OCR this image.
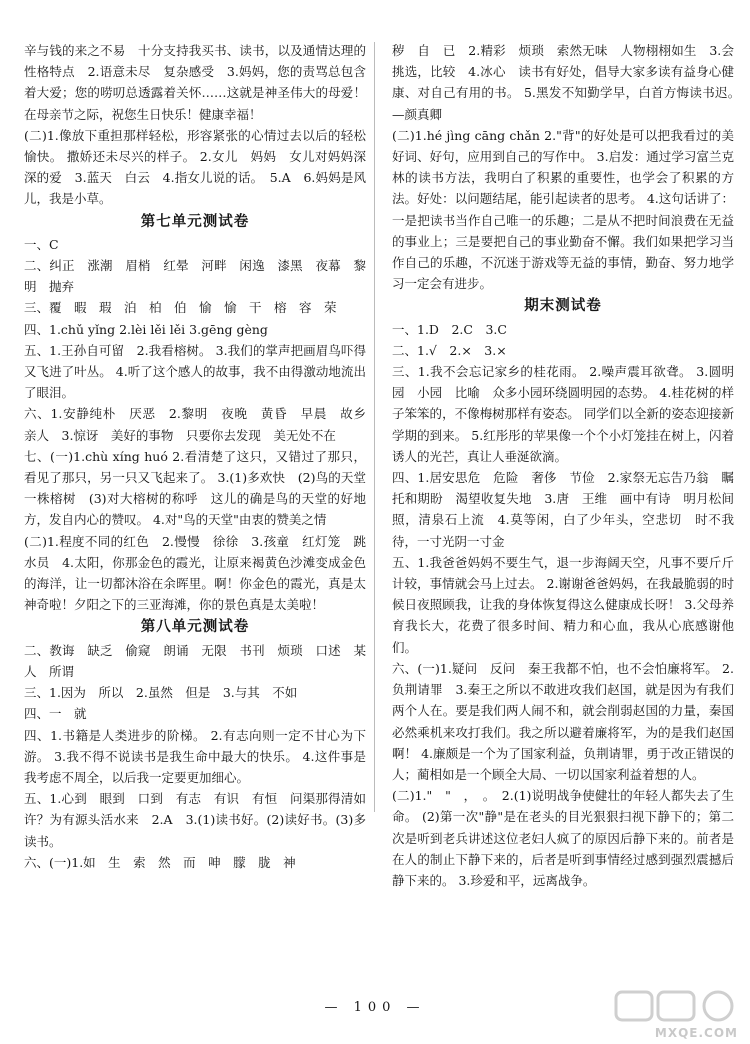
辛与钱的来之不易　十分支持我买书、读书，以及通情达理的性格特点　2.语意未尽　复杂感受　3.妈妈，您的责骂总包含着大爱；您的唠叨总透露着关怀……这就是神圣伟大的母爱！在母亲节之际，祝您生日快乐！健康幸福！

(二)1.像放下重担那样轻松，形容紧张的心情过去以后的轻松愉快。 撒娇还未尽兴的样子。 2.女儿　妈妈　女儿对妈妈深深的爱　3.蓝天　白云　4.指女儿说的话。　5.A　6.妈妈是风儿，我是小草。

第七单元测试卷

一、C

二、纠正　涨潮　眉梢　红晕　河畔　闲逸　漆黑　夜幕　黎明　抛弃

三、覆　暇　瑕　泊　柏　伯　愉　愉　干　榕　容　荣

四、1.chǔ yǐng 2.lèi lěi lěi 3.gēng gèng

五、1.王孙自可留　2.我看榕树。 3.我们的掌声把画眉鸟吓得又飞进了叶丛。 4.听了这个感人的故事，我不由得激动地流出了眼泪。

六、1.安静纯朴　厌恶　2.黎明　夜晚　黄昏　早晨　故乡　亲人　3.惊讶　美好的事物　只要你去发现　美无处不在

七、(一)1.chù xíng huó 2.看清楚了这只，又错过了那只，看见了那只，另一只又飞起来了。 3.(1)多欢快　(2)鸟的天堂　一株榕树　(3)对大榕树的称呼　这儿的确是鸟的天堂的好地方，发自内心的赞叹。 4.对"鸟的天堂"由衷的赞美之情

(二)1.程度不同的红色　2.慢慢　徐徐　3.孩童　红灯笼　跳水员　4.太阳，你那金色的霞光，让原来褐黄色沙滩变成金色的海洋，让一切都沐浴在余晖里。啊！你金色的霞光，真是太神奇啦！夕阳之下的三亚海滩，你的景色真是太美啦！

第八单元测试卷

二、教诲　缺乏　偷窥　朗诵　无限　书刊　烦琐　口述　某人　所谓

三、1.因为　所以　2.虽然　但是　3.与其　不如

四、一　就

四、1.书籍是人类进步的阶梯。 2.有志向则一定不甘心为下游。 3.我不得不说读书是我生命中最大的快乐。 4.这件事是我考虑不周全，以后我一定要更加细心。

五、1.心到　眼到　口到　有志　有识　有恒　问渠那得清如许？为有源头活水来　2.A　3.(1)读书好。(2)读好书。(3)多读书。

六、(一)1.如　生　索　然　而　呻　朦　胧　神

秽　自　已　2.精彩　烦琐　索然无味　人物栩栩如生　3.会挑选，比较　4.冰心　读书有好处，倡导大家多读有益身心健康、对自己有用的书。 5.黑发不知勤学早，白首方悔读书迟。　—颜真卿

(二)1.hé jìng cāng chǎn 2."背"的好处是可以把我看过的美好词、好句，应用到自己的写作中。 3.启发：通过学习富兰克林的读书方法，我明白了积累的重要性，也学会了积累的方法。好处：以问题结尾，能引起读者的思考。 4.这句话讲了：一是把读书当作自己唯一的乐趣；二是从不把时间浪费在无益的事业上；三是要把自己的事业勤奋不懈。我们如果把学习当作自己的乐趣，不沉迷于游戏等无益的事情，勤奋、努力地学习一定会有进步。

期末测试卷

一、1.D　2.C　3.C

二、1.√　2.×　3.×

三、1.我不会忘记家乡的桂花雨。 2.噪声震耳欲聋。 3.圆明园　小园　比喻　众多小园环绕圆明园的态势。 4.桂花树的样子笨笨的，不像梅树那样有姿态。 同学们以全新的姿态迎接新学期的到来。 5.红彤彤的苹果像一个个小灯笼挂在树上，闪着诱人的光芒，真让人垂涎欲滴。

四、1.居安思危　危险　奢侈　节俭　2.家祭无忘告乃翁　瞩托和期盼　渴望收复失地　3.唐　王维　画中有诗　明月松间照，清泉石上流　4.莫等闲，白了少年头，空悲切　时不我待，一寸光阴一寸金

五、1.我爸爸妈妈不要生气，退一步海阔天空，凡事不要斤斤计较，事情就会马上过去。 2.谢谢爸爸妈妈，在我最脆弱的时候日夜照顾我，让我的身体恢复得这么健康成长呀！ 3.父母养育我长大，花费了很多时间、精力和心血，我从心底感谢他们。

六、(一)1.疑问　反问　秦王我都不怕，也不会怕廉将军。 2.负荆请罪　3.秦王之所以不敢进攻我们赵国，就是因为有我们两个人在。要是我们两人闹不和，就会削弱赵国的力量，秦国必然乘机来攻打我们。我之所以避着廉将军，为的是我们赵国啊！ 4.廉颇是一个为了国家利益，负荆请罪，勇于改正错误的人；蔺相如是一个顾全大局、一切以国家利益着想的人。

(二)1."　"　，　。　2.(1)说明战争使健壮的年轻人都失去了生命。 (2)第一次"静"是在老头的目光狠狠扫视下静下的；第二次是听到老兵讲述这位老妇人疯了的原因后静下来的。前者是在人的制止下静下来的，后者是听到事情经过感到强烈震撼后静下来的。 3.珍爱和平，远离战争。

— 100 —
MXQE.COM
